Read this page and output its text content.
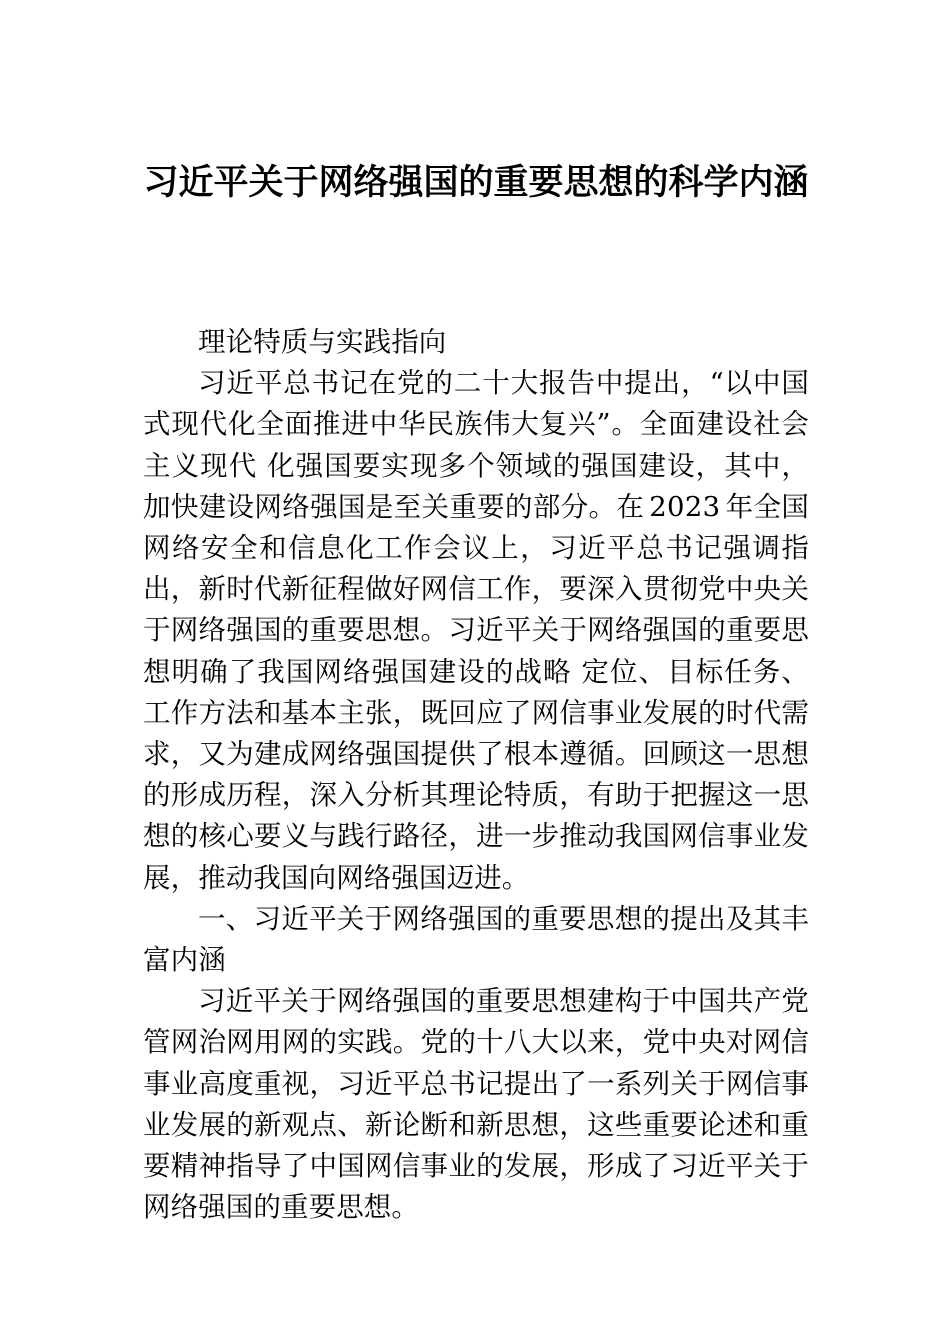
习近平关于网络强国的重要思想的科学内涵

理论特质与实践指向

习近平总书记在党的二十大报告中提出，“以中国式现代化全面推进中华民族伟大复兴”。全面建设社会主义现代 化强国要实现多个领域的强国建设，其中，加快建设网络强国是至关重要的部分。在 2023 年全国网络安全和信息化工作会议上，习近平总书记强调指出，新时代新征程做好网信工作，要深入贯彻党中央关于网络强国的重要思想。习近平关于网络强国的重要思想明确了我国网络强国建设的战略 定位、目标任务、工作方法和基本主张，既回应了网信事业发展的时代需求，又为建成网络强国提供了根本遵循。回顾这一思想的形成历程，深入分析其理论特质，有助于把握这一思想的核心要义与践行路径，进一步推动我国网信事业发展，推动我国向网络强国迈进。

一、习近平关于网络强国的重要思想的提出及其丰富内涵

习近平关于网络强国的重要思想建构于中国共产党管网治网用网的实践。党的十八大以来，党中央对网信事业高度重视，习近平总书记提出了一系列关于网信事业发展的新观点、新论断和新思想，这些重要论述和重要精神指导了中国网信事业的发展，形成了习近平关于网络强国的重要思想。
